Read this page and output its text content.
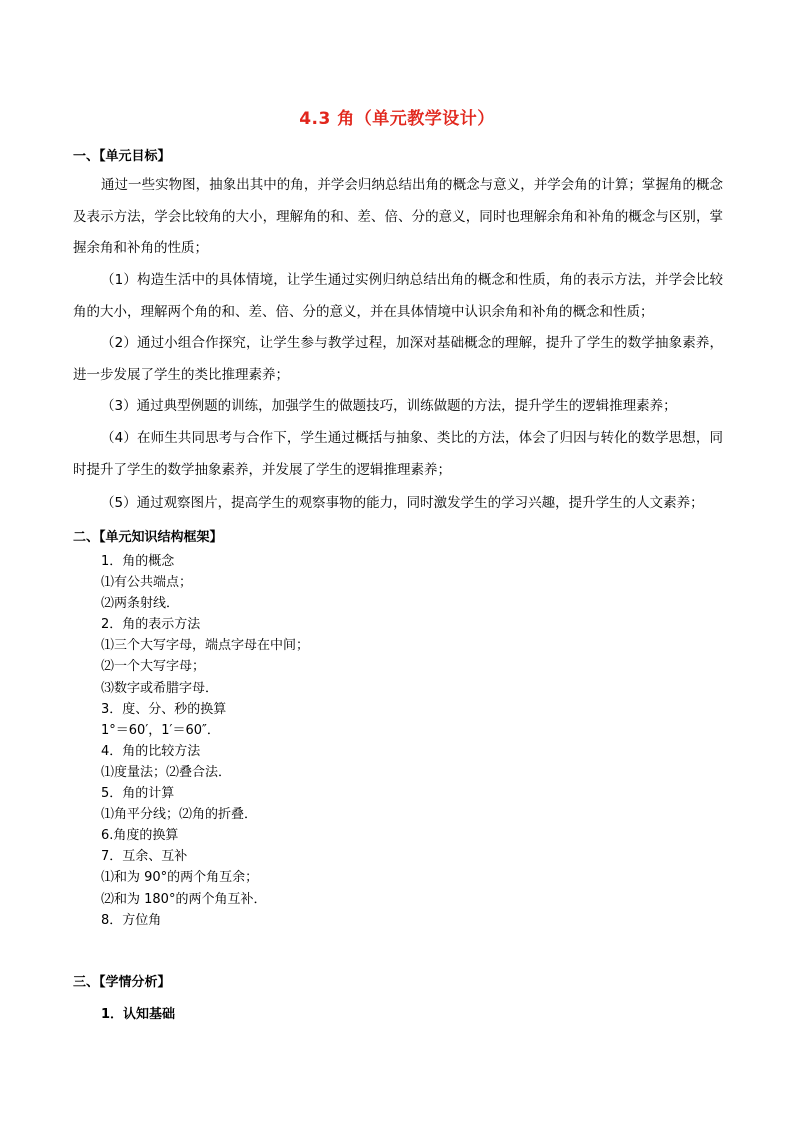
4.3 角（单元教学设计）
一、【单元目标】
通过一些实物图，抽象出其中的角，并学会归纳总结出角的概念与意义，并学会角的计算；掌握角的概念及表示方法，学会比较角的大小，理解角的和、差、倍、分的意义，同时也理解余角和补角的概念与区别，掌握余角和补角的性质；
（1）构造生活中的具体情境，让学生通过实例归纳总结出角的概念和性质，角的表示方法，并学会比较角的大小，理解两个角的和、差、倍、分的意义，并在具体情境中认识余角和补角的概念和性质；
（2）通过小组合作探究，让学生参与教学过程，加深对基础概念的理解，提升了学生的数学抽象素养，进一步发展了学生的类比推理素养；
（3）通过典型例题的训练，加强学生的做题技巧，训练做题的方法，提升学生的逻辑推理素养；
（4）在师生共同思考与合作下，学生通过概括与抽象、类比的方法，体会了归因与转化的数学思想，同时提升了学生的数学抽象素养，并发展了学生的逻辑推理素养；
（5）通过观察图片，提高学生的观察事物的能力，同时激发学生的学习兴趣，提升学生的人文素养；
二、【单元知识结构框架】
1．角的概念
⑴有公共端点；
⑵两条射线．
2．角的表示方法
⑴三个大写字母，端点字母在中间；
⑵一个大写字母；
⑶数字或希腊字母．
3．度、分、秒的换算
1°＝60′，1′＝60″．
4．角的比较方法
⑴度量法；⑵叠合法．
5．角的计算
⑴角平分线；⑵角的折叠．
6.角度的换算
7．互余、互补
⑴和为 90°的两个角互余；
⑵和为 180°的两个角互补．
8．方位角
三、【学情分析】
1．认知基础
